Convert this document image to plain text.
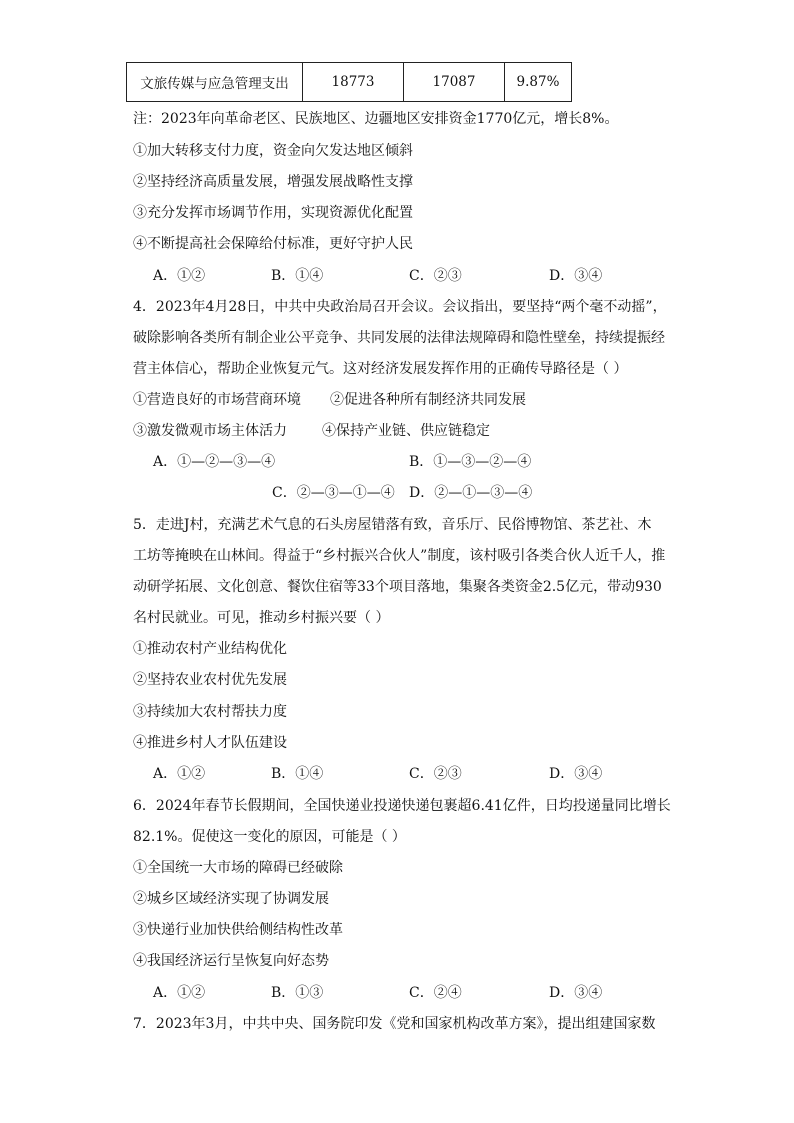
文旅传媒与应急管理支出	18773	17087	9.87%
注：2023年向革命老区、民族地区、边疆地区安排资金1770亿元，增长8%。
①加大转移支付力度，资金向欠发达地区倾斜
②坚持经济高质量发展，增强发展战略性支撑
③充分发挥市场调节作用，实现资源优化配置
④不断提高社会保障给付标准，更好守护人民
A．①②	B．①④	C．②③	D．③④
4．2023年4月28日，中共中央政治局召开会议。会议指出，要坚持“两个毫不动摇”，
破除影响各类所有制企业公平竞争、共同发展的法律法规障碍和隐性壁垒，持续提振经
营主体信心，帮助企业恢复元气。这对经济发展发挥作用的正确传导路径是（ ）
①营造良好的市场营商环境 ②促进各种所有制经济共同发展
③激发微观市场主体活力	④保持产业链、供应链稳定
A．①—②—③—④	B．①—③—②—④
C．②—③—①—④ D．②—①—③—④
5．走进J村，充满艺术气息的石头房屋错落有致，音乐厅、民俗博物馆、茶艺社、木
工坊等掩映在山林间。得益于“乡村振兴合伙人”制度，该村吸引各类合伙人近千人，推
动研学拓展、文化创意、餐饮住宿等33个项目落地，集聚各类资金2.5亿元，带动930
名村民就业。可见，推动乡村振兴要（ ）
①推动农村产业结构优化
②坚持农业农村优先发展
③持续加大农村帮扶力度
④推进乡村人才队伍建设
A．①②	B．①④	C．②③	D．③④
6．2024年春节长假期间，全国快递业投递快递包裹超6.41亿件，日均投递量同比增长
82.1%。促使这一变化的原因，可能是（ ）
①全国统一大市场的障碍已经破除
②城乡区域经济实现了协调发展
③快递行业加快供给侧结构性改革
④我国经济运行呈恢复向好态势
A．①②	B．①③	C．②④	D．③④
7．2023年3月，中共中央、国务院印发《党和国家机构改革方案》，提出组建国家数
